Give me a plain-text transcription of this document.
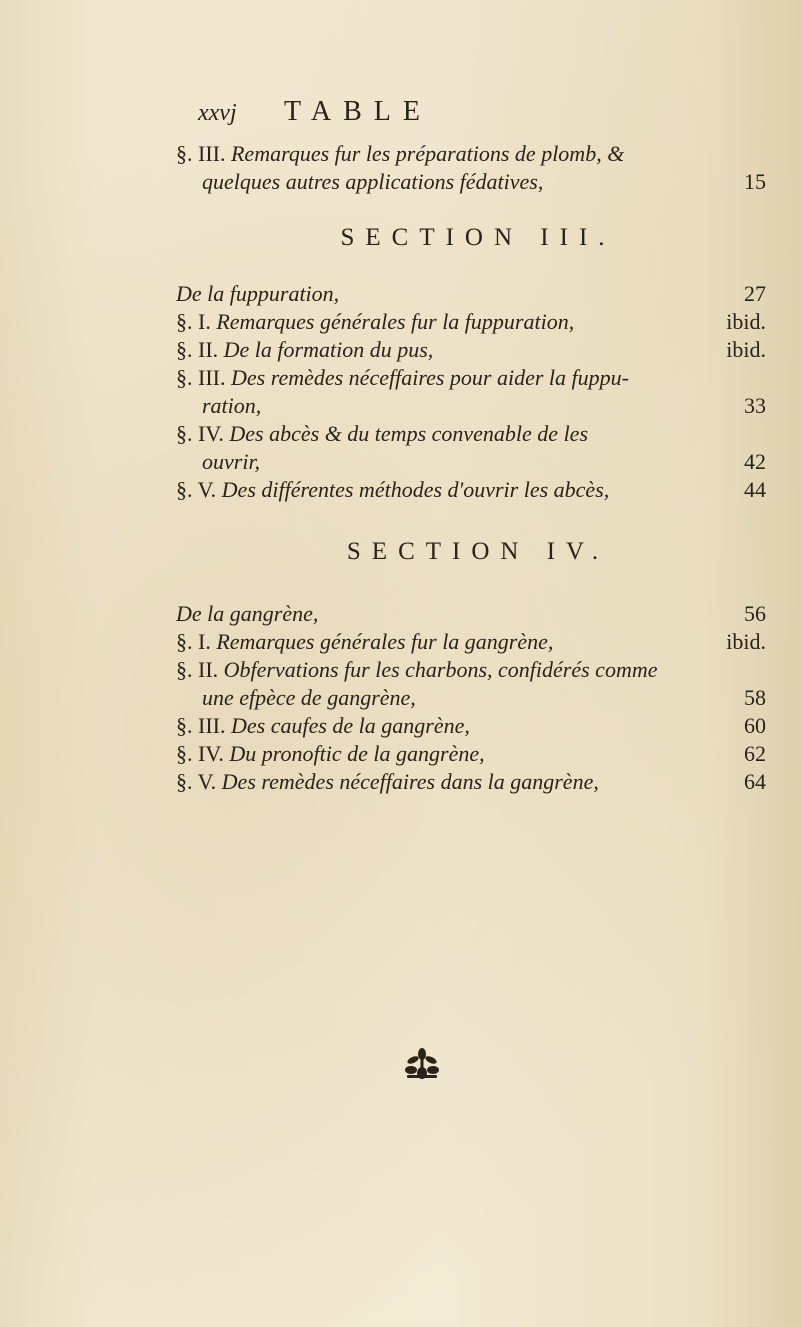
xxvj TABLE
§. III. Remarques fur les préparations de plomb, &
quelques autres applications fédatives,	15
SECTION III.
De la fuppuration,	27
§. I. Remarques générales fur la fuppuration,	ibid.
§. II. De la formation du pus,	ibid.
§. III. Des remèdes néceffaires pour aider la fuppu-
ration,	33
§. IV. Des abcès & du temps convenable de les
ouvrir,	42
§. V. Des différentes méthodes d'ouvrir les abcès,	44
SECTION IV.
De la gangrène,	56
§. I. Remarques générales fur la gangrène,	ibid.
§. II. Obfervations fur les charbons, confidérés comme
une efpèce de gangrène,	58
§. III. Des caufes de la gangrène,	60
§. IV. Du pronoftic de la gangrène,	62
§. V. Des remèdes néceffaires dans la gangrène,	64
